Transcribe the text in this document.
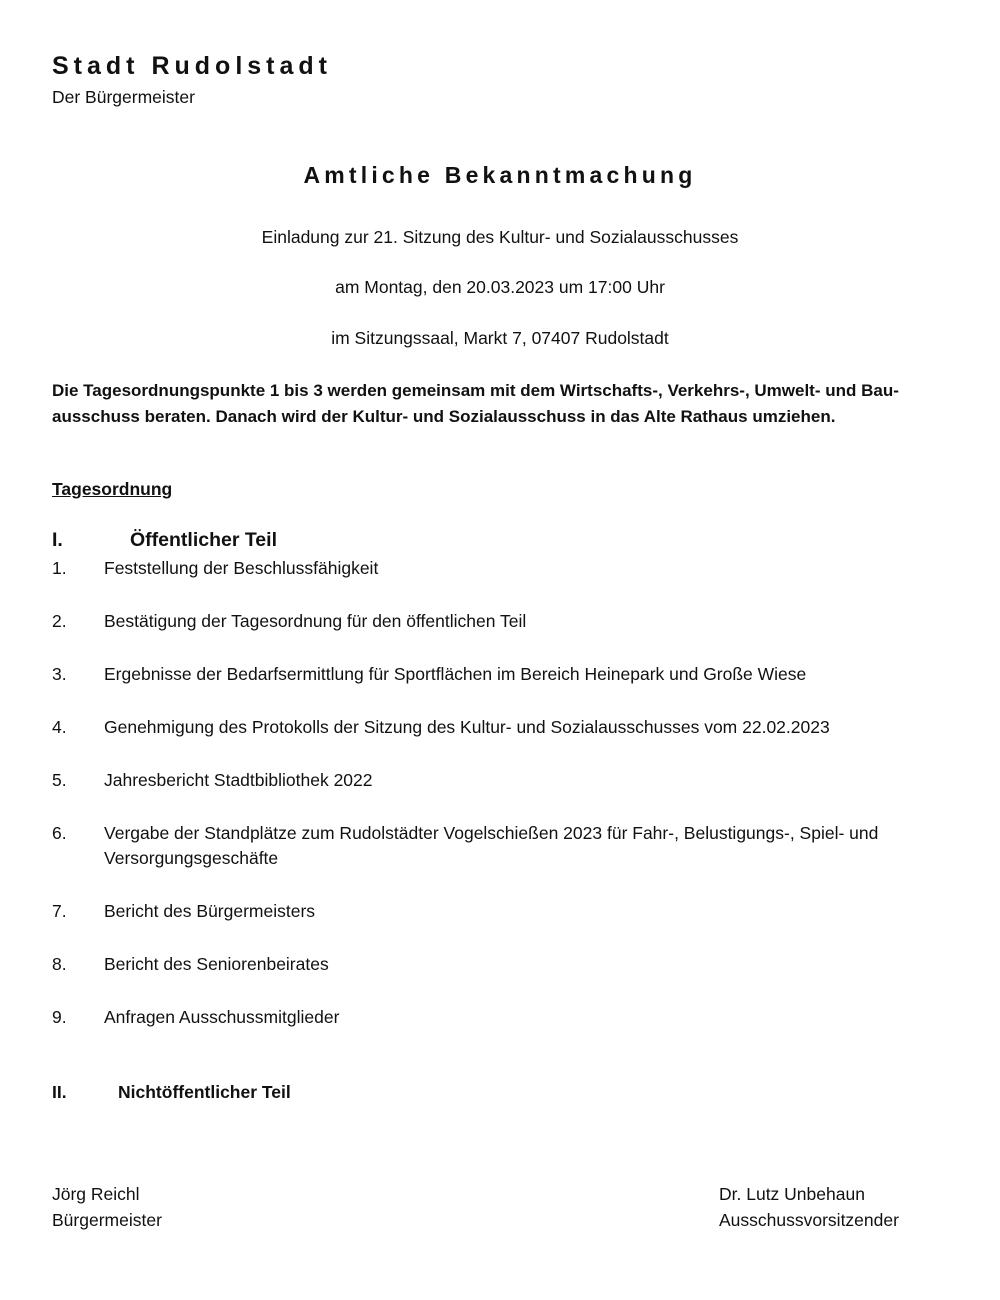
Stadt Rudolstadt
Der Bürgermeister
Amtliche Bekanntmachung
Einladung zur 21. Sitzung des Kultur- und Sozialausschusses
am Montag, den 20.03.2023 um 17:00 Uhr
im Sitzungssaal, Markt 7, 07407 Rudolstadt
Die Tagesordnungspunkte 1 bis 3 werden gemeinsam mit dem Wirtschafts-, Verkehrs-, Umwelt- und Bau-ausschuss beraten. Danach wird der Kultur- und Sozialausschuss in das Alte Rathaus umziehen.
Tagesordnung
I.	Öffentlicher Teil
1. Feststellung der Beschlussfähigkeit
2. Bestätigung der Tagesordnung für den öffentlichen Teil
3. Ergebnisse der Bedarfsermittlung für Sportflächen im Bereich Heinepark und Große Wiese
4. Genehmigung des Protokolls der Sitzung des Kultur- und Sozialausschusses vom 22.02.2023
5. Jahresbericht Stadtbibliothek 2022
6. Vergabe der Standplätze zum Rudolstädter Vogelschießen 2023 für Fahr-, Belustigungs-, Spiel- und Versorgungsgeschäfte
7. Bericht des Bürgermeisters
8. Bericht des Seniorenbeirates
9. Anfragen Ausschussmitglieder
II.	Nichtöffentlicher Teil
Jörg Reichl
Bürgermeister
Dr. Lutz Unbehaun
Ausschussvorsitzender
